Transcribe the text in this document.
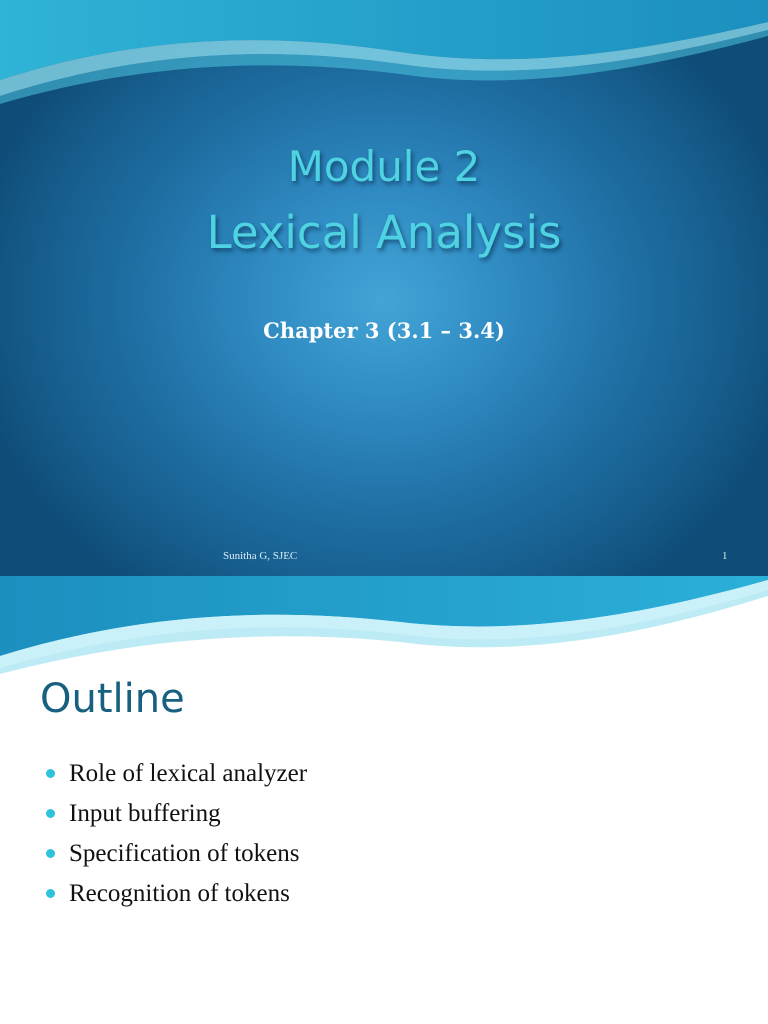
Module 2
Lexical Analysis
Chapter 3 (3.1 – 3.4)
Sunitha G, SJEC	1
Outline
Role of lexical analyzer
Input buffering
Specification of tokens
Recognition of tokens
